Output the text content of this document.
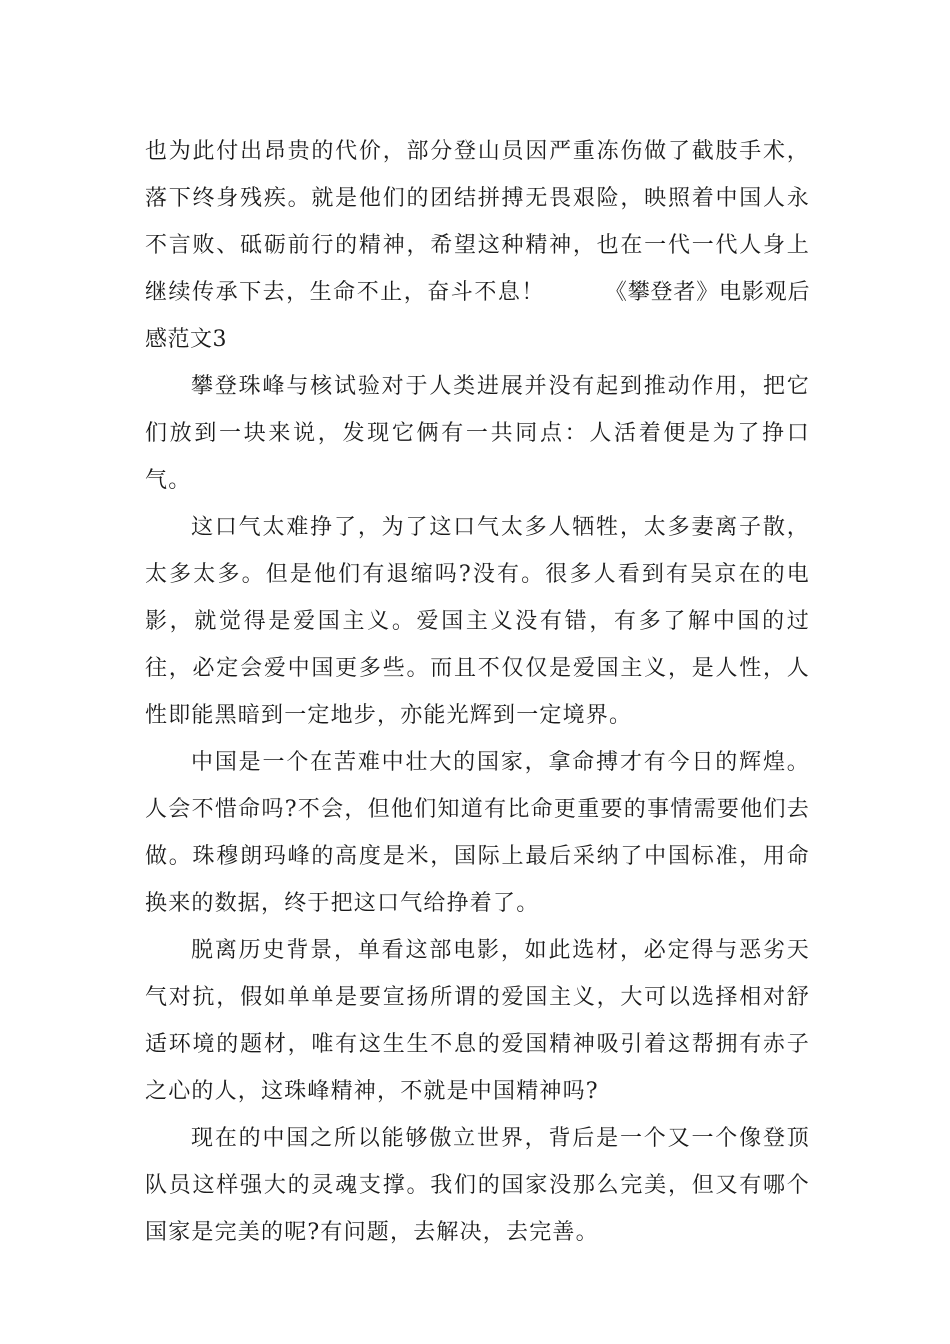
也为此付出昂贵的代价，部分登山员因严重冻伤做了截肢手术，落下终身残疾。就是他们的团结拼搏无畏艰险，映照着中国人永不言败、砥砺前行的精神，希望这种精神，也在一代一代人身上继续传承下去，生命不止，奋斗不息！	《攀登者》电影观后感范文3

攀登珠峰与核试验对于人类进展并没有起到推动作用，把它们放到一块来说，发现它俩有一共同点：人活着便是为了挣口气。

这口气太难挣了，为了这口气太多人牺牲，太多妻离子散，太多太多。但是他们有退缩吗?没有。很多人看到有吴京在的电影，就觉得是爱国主义。爱国主义没有错，有多了解中国的过往，必定会爱中国更多些。而且不仅仅是爱国主义，是人性，人性即能黑暗到一定地步，亦能光辉到一定境界。

中国是一个在苦难中壮大的国家，拿命搏才有今日的辉煌。人会不惜命吗?不会，但他们知道有比命更重要的事情需要他们去做。珠穆朗玛峰的高度是米，国际上最后采纳了中国标准，用命换来的数据，终于把这口气给挣着了。

脱离历史背景，单看这部电影，如此选材，必定得与恶劣天气对抗，假如单单是要宣扬所谓的爱国主义，大可以选择相对舒适环境的题材，唯有这生生不息的爱国精神吸引着这帮拥有赤子之心的人，这珠峰精神，不就是中国精神吗?

现在的中国之所以能够傲立世界，背后是一个又一个像登顶队员这样强大的灵魂支撑。我们的国家没那么完美，但又有哪个国家是完美的呢?有问题，去解决，去完善。
